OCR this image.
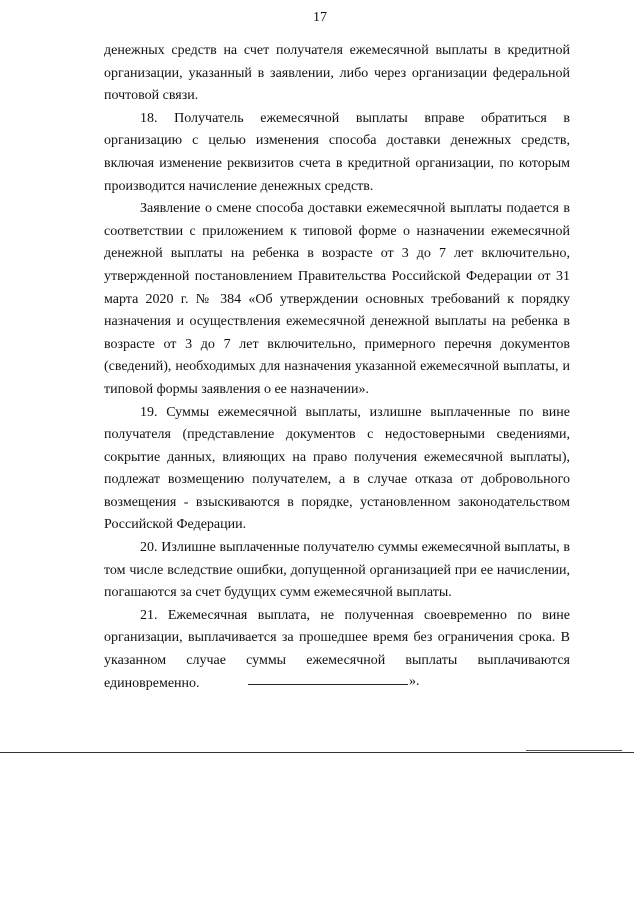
17

денежных средств на счет получателя ежемесячной выплаты в кредитной организации, указанный в заявлении, либо через организации федеральной почтовой связи.

18. Получатель ежемесячной выплаты вправе обратиться в организацию с целью изменения способа доставки денежных средств, включая изменение реквизитов счета в кредитной организации, по которым производится начисление денежных средств.

Заявление о смене способа доставки ежемесячной выплаты подается в соответствии с приложением к типовой форме о назначении ежемесячной денежной выплаты на ребенка в возрасте от 3 до 7 лет включительно, утвержденной постановлением Правительства Российской Федерации от 31 марта 2020 г. № 384 «Об утверждении основных требований к порядку назначения и осуществления ежемесячной денежной выплаты на ребенка в возрасте от 3 до 7 лет включительно, примерного перечня документов (сведений), необходимых для назначения указанной ежемесячной выплаты, и типовой формы заявления о ее назначении».

19. Суммы ежемесячной выплаты, излишне выплаченные по вине получателя (представление документов с недостоверными сведениями, сокрытие данных, влияющих на право получения ежемесячной выплаты), подлежат возмещению получателем, а в случае отказа от добровольного возмещения - взыскиваются в порядке, установленном законодательством Российской Федерации.

20. Излишне выплаченные получателю суммы ежемесячной выплаты, в том числе вследствие ошибки, допущенной организацией при ее начислении, погашаются за счет будущих сумм ежемесячной выплаты.

21. Ежемесячная выплата, не полученная своевременно по вине организации, выплачивается за прошедшее время без ограничения срока. В указанном случае суммы ежемесячной выплаты выплачиваются единовременно.	».
